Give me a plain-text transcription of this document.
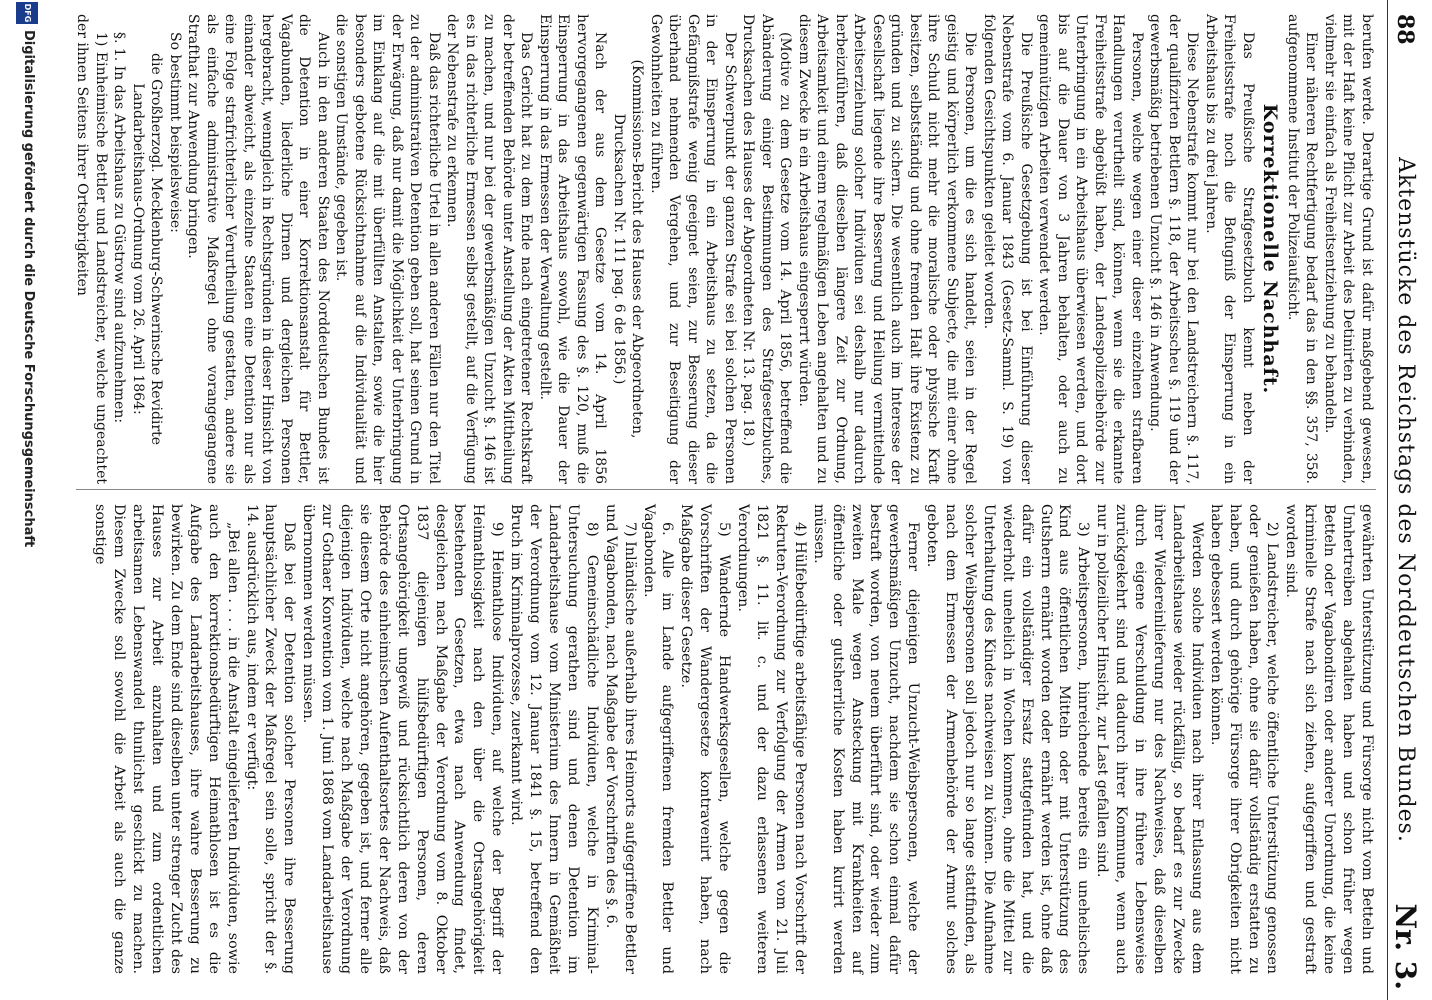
88
Aktenstücke des Reichstags des Norddeutschen Bundes.
Nr. 3.

berufen werde. Derartige Grund ist dafür maßgebend gewesen, mit der Haft keine Pflicht zur Arbeit des Detinirten zu verbinden, vielmehr sie einfach als Freiheitsentziehung zu behandeln.

Einer näheren Rechtfertigung bedarf das in den §§. 357, 358. aufgenommene Institut der Polizeiaufsicht.

Korrektionelle Nachhaft.

Das Preußische Strafgesetzbuch kennt neben der Freiheitsstrafe noch die Befugniß der Einsperrung in ein Arbeitshaus bis zu drei Jahren.

Diese Nebenstrafe kommt nur bei den Landstreichern §. 117, der qualifizirten Bettlern §. 118, der Arbeitsscheu §. 119 und der gewerbsmäßig betriebenen Unzucht §. 146 in Anwendung.

Personen, welche wegen einer dieser einzelnen strafbaren Handlungen verurtheilt sind, können, wenn sie die erkannte Freiheitsstrafe abgebüßt haben, der Landespolizeibehörde zur Unterbringung in ein Arbeitshaus überwiesen werden, und dort bis auf die Dauer von 3 Jahren behalten, oder auch zu gemeinnützigen Arbeiten verwendet werden.

Die Preußische Gesetzgebung ist bei Einführung dieser Nebenstrafe vom 6. Januar 1843 (Gesetz-Samml. S. 19) von folgenden Gesichtspunkten geleitet worden.

Die Personen, um die es sich handelt, seien in der Regel geistig und körperlich verkommene Subjecte, die mit einer ohne ihre Schuld nicht mehr die moralische oder physische Kraft besitzen, selbstständig und ohne fremden Halt ihre Existenz zu gründen und zu sichern. Die wesentlich auch im Interesse der Gesellschaft liegende ihre Besserung und Heilung vermittelnde Arbeitserziehung solcher Individuen sei deshalb nur dadurch herbeizuführen, daß dieselben längere Zeit zur Ordnung, Arbeitsamkeit und einem regelmäßigen Leben angehalten und zu diesem Zwecke in ein Arbeitshaus eingesperrt würden.

(Motive zu dem Gesetze vom 14. April 1856, betreffend die Abänderung einiger Bestimmungen des Strafgesetzbuches, Drucksachen des Hauses der Abgeordneten Nr. 13. pag. 18.)

Der Schwerpunkt der ganzen Strafe sei bei solchen Personen in der Einsperrung in ein Arbeitshaus zu setzen, da die Gefängnißstrafe wenig geeignet seien, zur Besserung dieser überhand nehmenden Vergehen, und zur Beseitigung der Gewohnheiten zu führen.

(Kommissions-Bericht des Hauses der Abgeordneten, Drucksachen Nr. 111 pag. 6 de 1856.)

Nach der aus dem Gesetze vom 14. April 1856 hervorgegangenen gegenwärtigen Fassung des §. 120, muß die Einsperrung in das Arbeitshaus sowohl, wie die Dauer der Einsperrung in das Ermessen der Verwaltung gestellt.

Das Gericht hat zu dem Ende nach eingetretener Rechtskraft der betreffenden Behörde unter Anstellung der Akten Mittheilung zu machen, und nur bei der gewerbsmäßigen Unzucht §. 146 ist es in das richterliche Ermessen selbst gestellt, auf die Verfügung der Nebenstrafe zu erkennen.

Daß das richterliche Urtel in allen anderen Fällen nur den Titel zu der administrativen Detention geben soll, hat seinen Grund in der Erwägung, daß nur damit die Möglichkeit der Unterbringung im Einklang auf die mit überfüllten Anstalten, sowie die hier besonders gebotene Rücksichtnahme auf die Individualität und die sonstigen Umstände, gegeben ist.

Auch in den anderen Staaten des Norddeutschen Bundes ist die Detention in einer Korrektionsanstalt für Bettler, Vagabunden, liederliche Dirnen und dergleichen Personen hergebracht, wenngleich in Rechtsgründen in dieser Hinsicht von einander abweicht, als einzelne Staaten eine Detention nur als eine Folge strafrichterlicher Verurtheilung gestatten, andere sie als einfache administrative Maßregel ohne vorangegangene Strafthat zur Anwendung bringen.

So bestimmt beispielsweise:

die Großherzogl. Mecklenburg-Schwerinsche Revidirte Landarbeitshaus-Ordnung vom 26. April 1864:

§. 1. In das Arbeitshaus zu Güstrow sind aufzunehmen:

1) Einheimische Bettler und Landstreicher, welche ungeachtet der ihnen Seitens ihrer Ortsobrigkeiten

gewährten Unterstützung und Fürsorge nicht vom Betteln und Umhertreiben abgehalten haben und schon früher wegen Betteln oder Vagabondiren oder anderer Unordnung, die keine kriminelle Strafe nach sich ziehen, aufgegriffen und gestraft worden sind.

2) Landstreicher, welche öffentliche Unterstützung genossen oder genießen haben, ohne sie dafür vollständig erstatten zu haben, und durch gehörige Fürsorge ihrer Obrigkeiten nicht haben gebessert werden können.

Werden solche Individuen nach ihrer Entlassung aus dem Landarbeitshause wieder rückfällig, so bedarf es zur Zwecke ihrer Wiedereinlieferung nur des Nachweises, daß dieselben durch eigene Verschuldung in ihre frühere Lebensweise zurückgekehrt sind und dadurch ihrer Kommune, wenn auch nur in polizeilicher Hinsicht, zur Last gefallen sind.

3) Arbeitspersonen, hinreichende bereits ein unehelisches Kind aus öffentlichen Mitteln oder mit Unterstützung des Gutsherrn ernährt worden oder ernährt werden ist, ohne daß dafür ein vollständiger Ersatz stattgefunden hat, und die wiederholt unehelich in Wochen kommen, ohne die Mittel zur Unterhaltung des Kindes nachweisen zu können. Die Aufnahme solcher Weibspersonen soll jedoch nur so lange stattfinden, als nach dem Ermessen der Armenbehörde der Armut solches geboten.

Ferner diejenigen Unzucht-Weibspersonen, welche der gewerbsmäßigen Unzucht, nachdem sie schon einmal dafür bestraft worden, von neuem überführt sind, oder wieder zum zweiten Male wegen Ansteckung mit Krankheiten auf öffentliche oder gutsherrliche Kosten haben kurirt werden müssen.

4) Hülfebedürftige arbeitsfähige Personen nach Vorschrift der Rekruten-Verordnung zur Verfolgung der Armen vom 21. Juli 1821 §. 11. lit. c. und der dazu erlassenen weiteren Verordnungen.

5) Wandernde Handwerksgesellen, welche gegen die Vorschriften der Wandergesetze kontravenirt haben, nach Maßgabe dieser Gesetze.

6. Alle im Lande aufgegriffenen fremden Bettler und Vagabonden.

7) Inländische außerhalb ihres Heimorts aufgegriffene Bettler und Vagabonden, nach Maßgabe der Vorschriften des §. 6.

8) Gemeinschädliche Individuen, welche in Kriminal-Untersuchung gerathen sind und denen Detention im Landarbeitshause vom Ministerium des Innern in Gemäßheit der Verordnung vom 12. Januar 1841 §. 15, betreffend den Bruch im Kriminalprozesse, zuerkannt wird.

9) Heimathlose Individuen, auf welche der Begriff der Heimathlosigkeit nach den über die Ortsangehörigkeit bestehenden Gesetzen, etwa nach Anwendung findet, desgleichen nach Maßgabe der Verordnung vom 8. Oktober 1837 diejenigen hülfsbedürftigen Personen, deren Ortsangehörigkeit ungewiß und rücksichtlich deren von der Behörde des einheimischen Aufenthaltsortes der Nachweis, daß sie diesem Orte nicht angehören, gegeben ist, und ferner alle diejenigen Individuen, welche nach Maßgabe der Verordnung zur Gothaer Konvention vom 1. Juni 1868 vom Landarbeitshause übernommen werden müssen.

Daß bei der Detention solcher Personen ihre Besserung hauptsächlicher Zweck der Maßregel sein solle, spricht der §. 14. ausdrücklich aus, indem er verfügt:

„Bei allen . . . . in die Anstalt eingelieferten Individuen, sowie auch den korrektionsbedürftigen Heimathlosen ist es die Aufgabe des Landarbeitshauses, ihre wahre Besserung zu bewirken. Zu dem Ende sind dieselben unter strenger Zucht des Hauses zur Arbeit anzuhalten und zum ordentlichen arbeitsamen Lebenswandel thunlichst geschickt zu machen. Diesem Zwecke soll sowohl die Arbeit als auch die ganze sonstige

DFG
Digitalisierung gefördert durch die Deutsche Forschungsgemeinschaft
